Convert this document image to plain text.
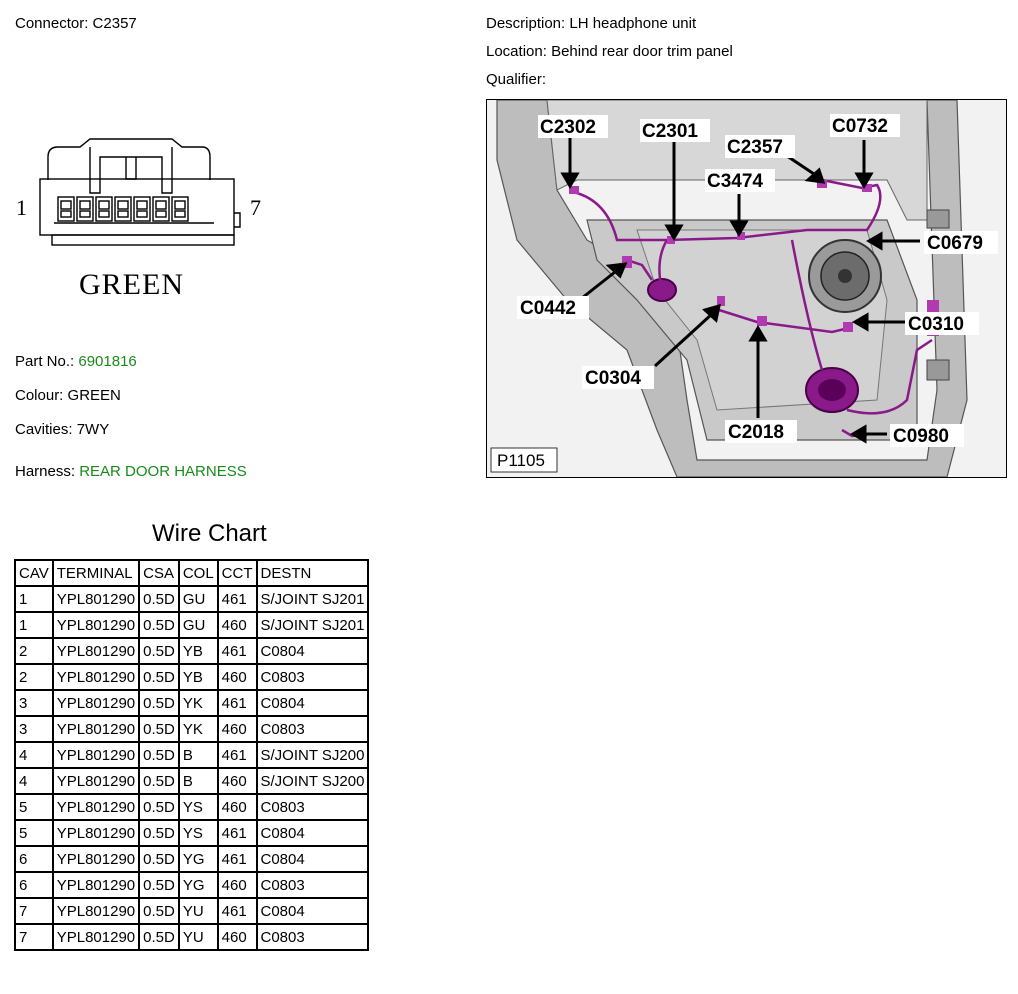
Connector: C2357	Description: LH headphone unit
Location: Behind rear door trim panel
Qualifier:
1	7
GREEN
Part No.: 6901816
Colour: GREEN
Cavities: 7WY
Harness: REAR DOOR HARNESS
C2302 C2301
C2357
C0732
C3474
C0679
C0442
C0310
C0304
C2018	C0980
P1105
Wire Chart
CAV	TERMINAL	CSA	COL	CCT	DESTN
1	YPL801290	0.5D	GU	461	S/JOINT SJ201
1	YPL801290	0.5D	GU	460	S/JOINT SJ201
2	YPL801290	0.5D	YB	461	C0804
2	YPL801290	0.5D	YB	460	C0803
3	YPL801290	0.5D	YK	461	C0804
3	YPL801290	0.5D	YK	460	C0803
4	YPL801290	0.5D	B	461	S/JOINT SJ200
4	YPL801290	0.5D	B	460	S/JOINT SJ200
5	YPL801290	0.5D	YS	460	C0803
5	YPL801290	0.5D	YS	461	C0804
6	YPL801290	0.5D	YG	461	C0804
6	YPL801290	0.5D	YG	460	C0803
7	YPL801290	0.5D	YU	461	C0804
7	YPL801290	0.5D	YU	460	C0803
